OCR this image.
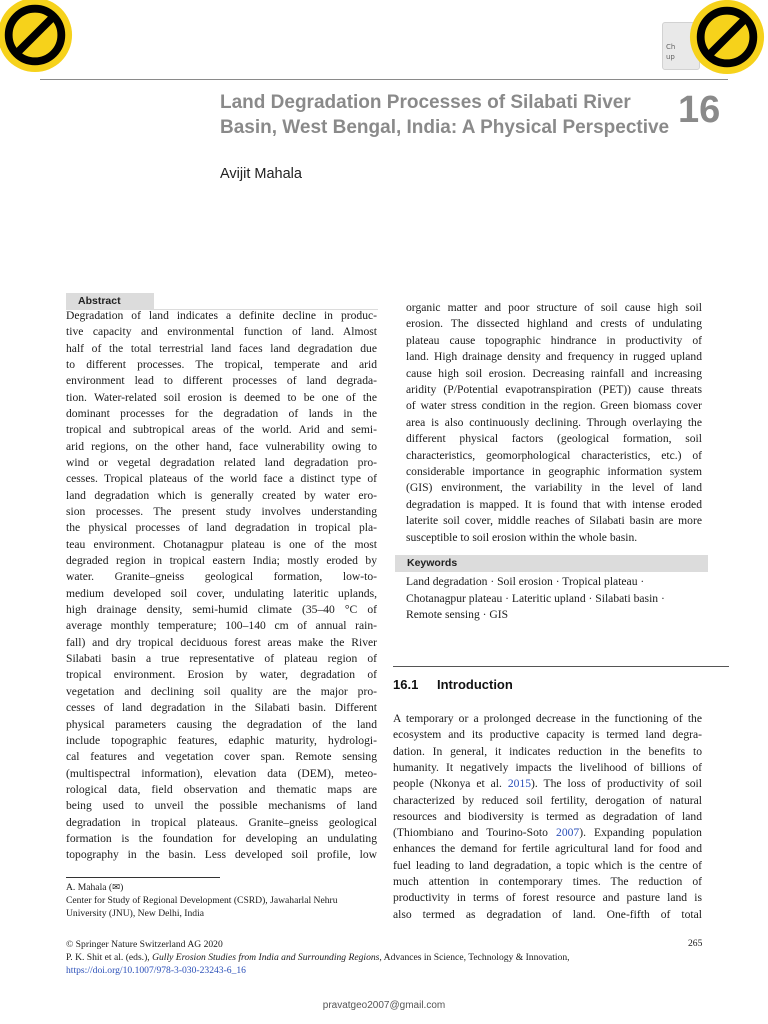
Ch
up
Land Degradation Processes of Silabati River
Basin, West Bengal, India: A Physical Perspective 16
Avijit Mahala
Abstract
Degradation of land indicates a definite decline in produc-
tive capacity and environmental function of land. Almost
half of the total terrestrial land faces land degradation due
to different processes. The tropical, temperate and arid
environment lead to different processes of land degrada-
tion. Water-related soil erosion is deemed to be one of the
dominant processes for the degradation of lands in the
tropical and subtropical areas of the world. Arid and semi-
arid regions, on the other hand, face vulnerability owing to
wind or vegetal degradation related land degradation pro-
cesses. Tropical plateaus of the world face a distinct type of
land degradation which is generally created by water ero-
sion processes. The present study involves understanding
the physical processes of land degradation in tropical pla-
teau environment. Chotanagpur plateau is one of the most
degraded region in tropical eastern India; mostly eroded by
water. Granite–gneiss geological formation, low-to-
medium developed soil cover, undulating lateritic uplands,
high drainage density, semi-humid climate (35–40 °C of
average monthly temperature; 100–140 cm of annual rain-
fall) and dry tropical deciduous forest areas make the River
Silabati basin a true representative of plateau region of
tropical environment. Erosion by water, degradation of
vegetation and declining soil quality are the major pro-
cesses of land degradation in the Silabati basin. Different
physical parameters causing the degradation of the land
include topographic features, edaphic maturity, hydrologi-
cal features and vegetation cover span. Remote sensing
(multispectral information), elevation data (DEM), meteo-
rological data, field observation and thematic maps are
being used to unveil the possible mechanisms of land
degradation in tropical plateaus. Granite–gneiss geological
formation is the foundation for developing an undulating
topography in the basin. Less developed soil profile, low
organic matter and poor structure of soil cause high soil
erosion. The dissected highland and crests of undulating
plateau cause topographic hindrance in productivity of
land. High drainage density and frequency in rugged upland
cause high soil erosion. Decreasing rainfall and increasing
aridity (P/Potential evapotranspiration (PET)) cause threats
of water stress condition in the region. Green biomass cover
area is also continuously declining. Through overlaying the
different physical factors (geological formation, soil
characteristics, geomorphological characteristics, etc.) of
considerable importance in geographic information system
(GIS) environment, the variability in the level of land
degradation is mapped. It is found that with intense eroded
laterite soil cover, middle reaches of Silabati basin are more
susceptible to soil erosion within the whole basin.
Keywords
Land degradation · Soil erosion · Tropical plateau ·
Chotanagpur plateau · Lateritic upland · Silabati basin ·
Remote sensing · GIS
16.1 Introduction
A temporary or a prolonged decrease in the functioning of the
ecosystem and its productive capacity is termed land degra-
dation. In general, it indicates reduction in the benefits to
humanity. It negatively impacts the livelihood of billions of
people (Nkonya et al. 2015). The loss of productivity of soil
characterized by reduced soil fertility, derogation of natural
resources and biodiversity is termed as degradation of land
(Thiombiano and Tourino-Soto 2007). Expanding population
enhances the demand for fertile agricultural land for food and
fuel leading to land degradation, a topic which is the centre of
much attention in contemporary times. The reduction of
productivity in terms of forest resource and pasture land is
also termed as degradation of land. One-fifth of total
A. Mahala (✉)
Center for Study of Regional Development (CSRD), Jawaharlal Nehru
University (JNU), New Delhi, India
© Springer Nature Switzerland AG 2020
P. K. Shit et al. (eds.), Gully Erosion Studies from India and Surrounding Regions, Advances in Science, Technology & Innovation,
https://doi.org/10.1007/978-3-030-23243-6_16
265
pravatgeo2007@gmail.com
